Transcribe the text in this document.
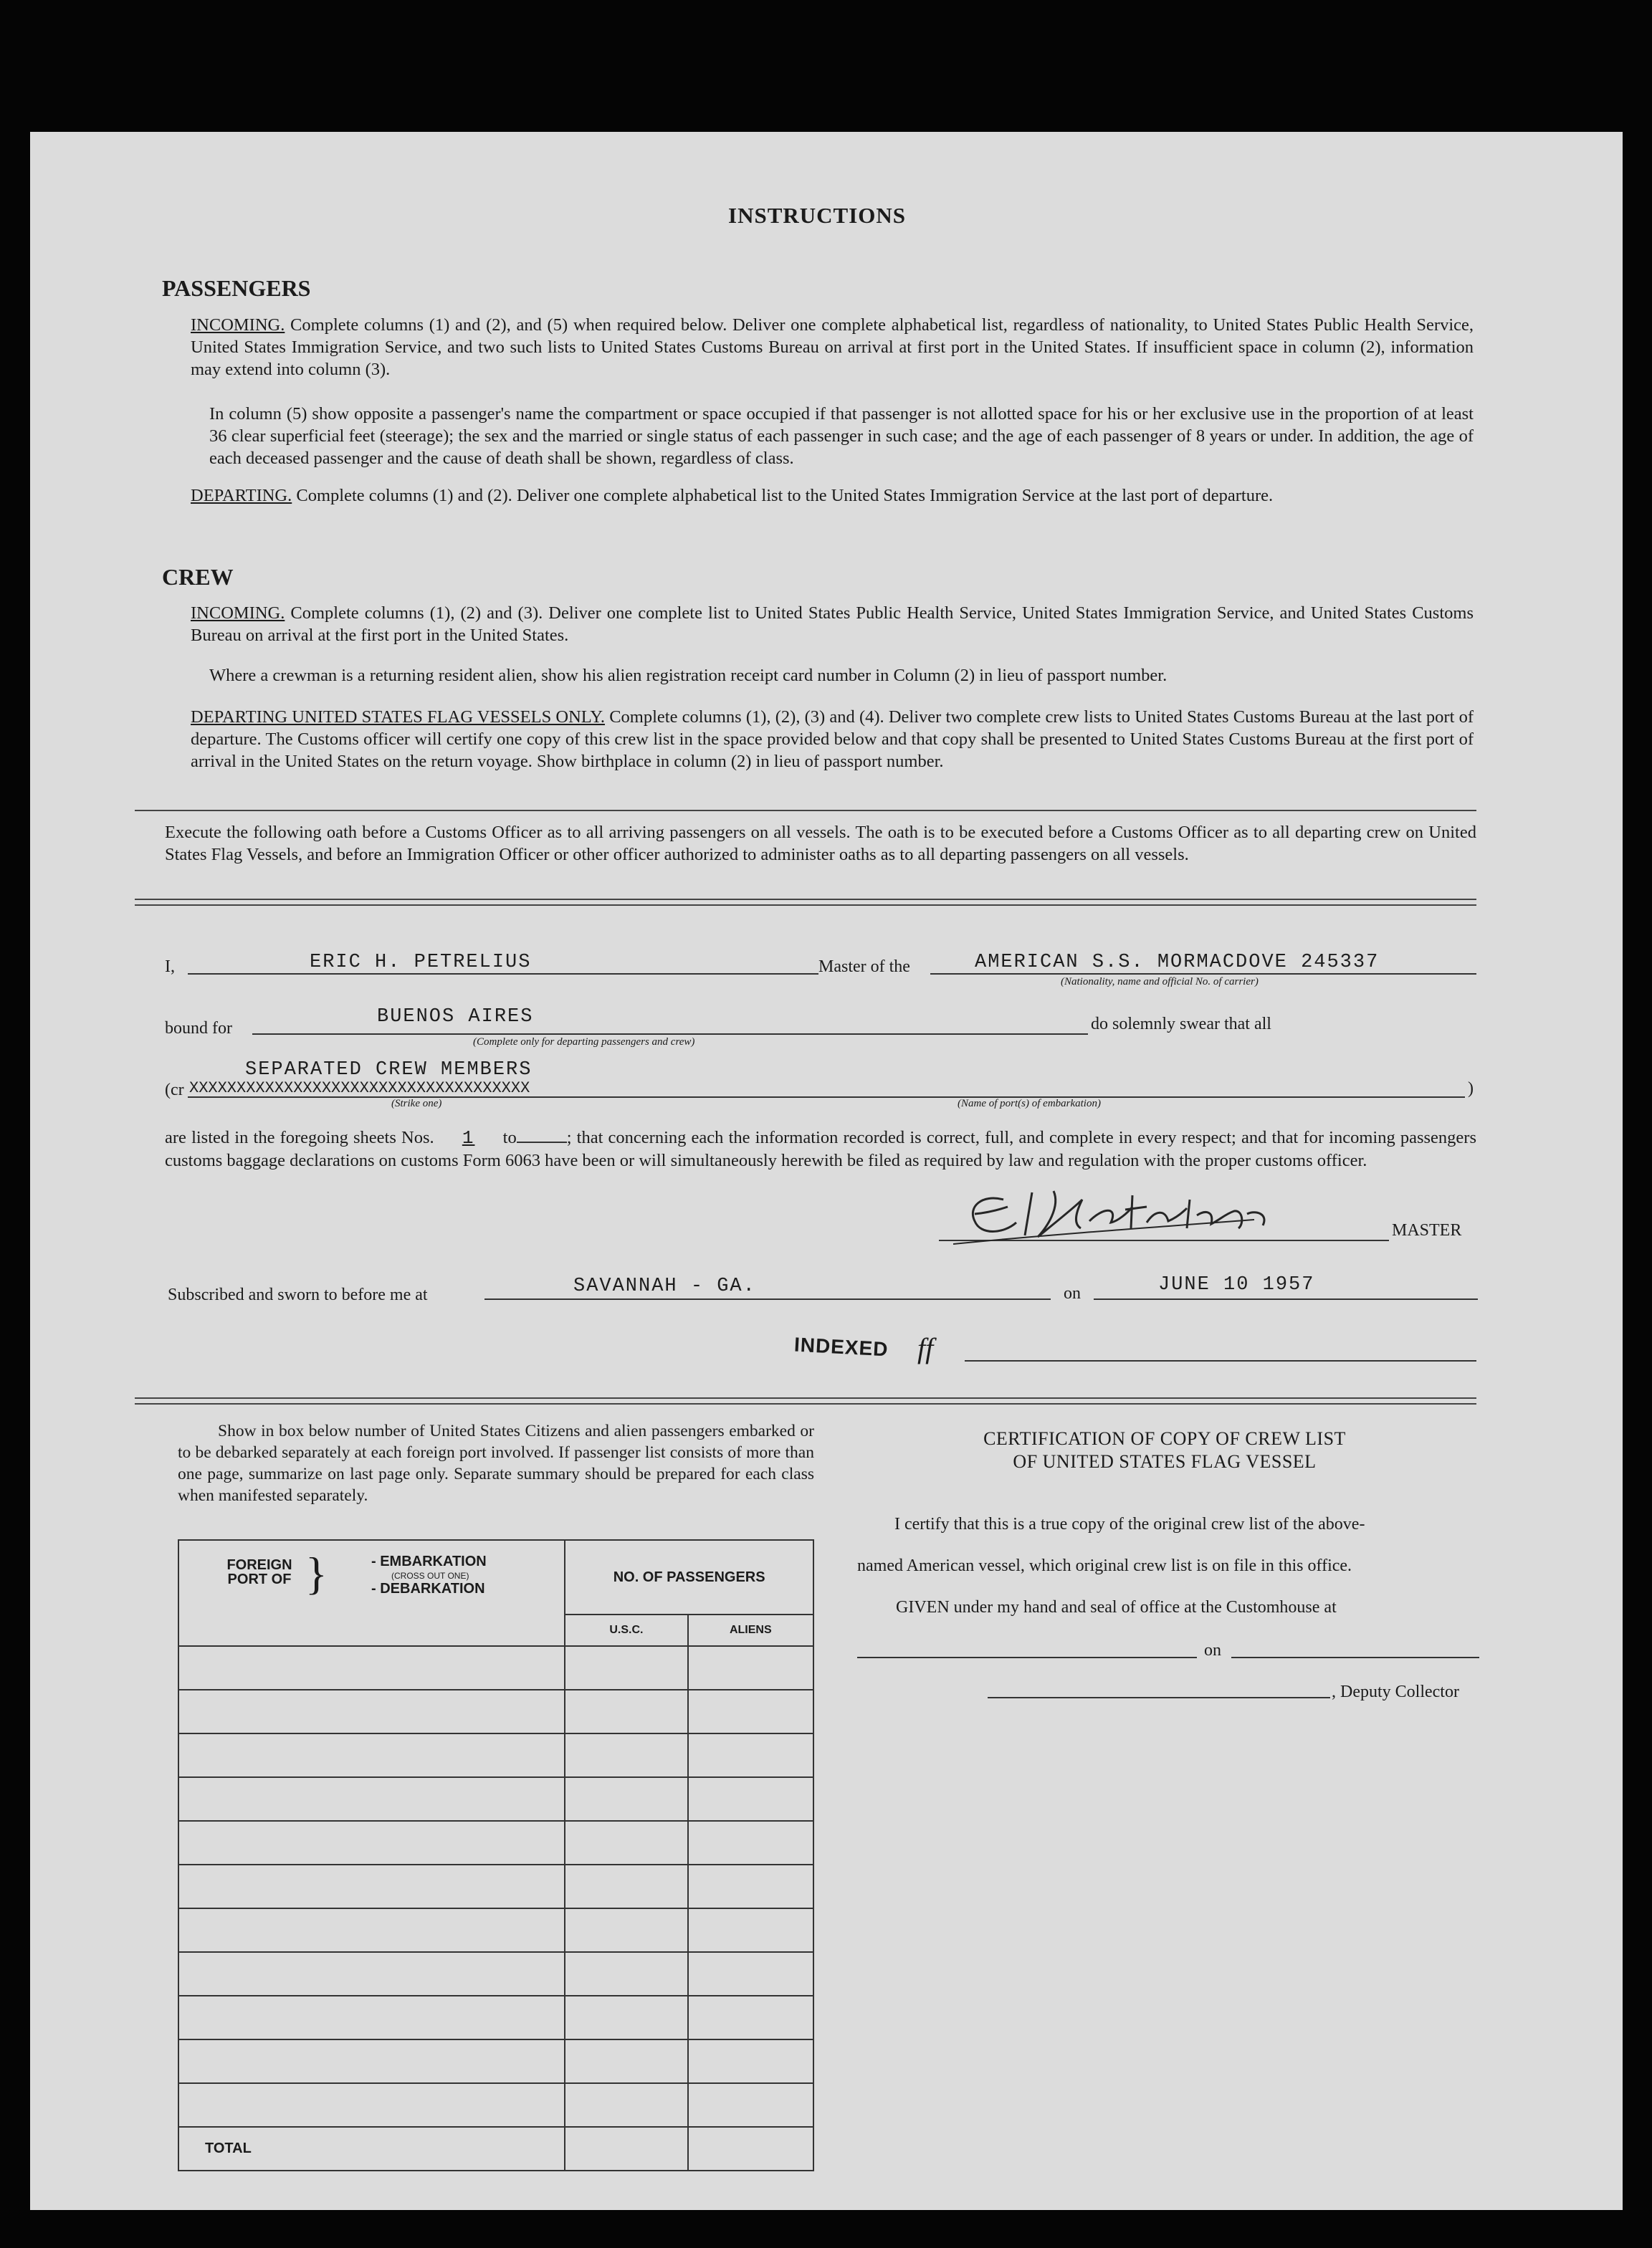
INSTRUCTIONS
PASSENGERS
INCOMING. Complete columns (1) and (2), and (5) when required below. Deliver one complete alphabetical list, regardless of nationality, to United States Public Health Service, United States Immigration Service, and two such lists to United States Customs Bureau on arrival at first port in the United States. If insufficient space in column (2), information may extend into column (3).
In column (5) show opposite a passenger's name the compartment or space occupied if that passenger is not allotted space for his or her exclusive use in the proportion of at least 36 clear superficial feet (steerage); the sex and the married or single status of each passenger in such case; and the age of each passenger of 8 years or under. In addition, the age of each deceased passenger and the cause of death shall be shown, regardless of class.
DEPARTING. Complete columns (1) and (2). Deliver one complete alphabetical list to the United States Immigration Service at the last port of departure.
CREW
INCOMING. Complete columns (1), (2) and (3). Deliver one complete list to United States Public Health Service, United States Immigration Service, and United States Customs Bureau on arrival at the first port in the United States.
Where a crewman is a returning resident alien, show his alien registration receipt card number in Column (2) in lieu of passport number.
DEPARTING UNITED STATES FLAG VESSELS ONLY. Complete columns (1), (2), (3) and (4). Deliver two complete crew lists to United States Customs Bureau at the last port of departure. The Customs officer will certify one copy of this crew list in the space provided below and that copy shall be presented to United States Customs Bureau at the first port of arrival in the United States on the return voyage. Show birthplace in column (2) in lieu of passport number.
Execute the following oath before a Customs Officer as to all arriving passengers on all vessels. The oath is to be executed before a Customs Officer as to all departing crew on United States Flag Vessels, and before an Immigration Officer or other officer authorized to administer oaths as to all departing passengers on all vessels.
I,	ERIC H. PETRELIUS	Master of the	AMERICAN S.S. MORMACDOVE 245337
(Nationality, name and official No. of carrier)
bound for
BUENOS AIRES
(Complete only for departing passengers and crew)
do solemnly swear that all
SEPARATED CREW MEMBERS
(cr XXXXXXXXXXXXXXXXXXXXXXXXXXXXXXXXXXXX	)
(Strike one)	(Name of port(s) of embarkation)
are listed in the foregoing sheets Nos. 1 to	; that concerning each the information recorded is correct, full, and complete in every respect; and that for incoming passengers customs baggage declarations on customs Form 6063 have been or will simultaneously herewith be filed as required by law and regulation with the proper customs officer.
MASTER
Subscribed and sworn to before me at	SAVANNAH - GA.	on	JUNE 10 1957
INDEXED ff
Show in box below number of United States Citizens and alien passengers embarked or to be debarked separately at each foreign port involved. If passenger list consists of more than one page, summarize on last page only. Separate summary should be prepared for each class when manifested separately.
FOREIGN PORT OF } - EMBARKATION
(CROSS OUT ONE)
- DEBARKATION	NO. OF PASSENGERS	
	U.S.C.	ALIENS

TOTAL		
CERTIFICATION OF COPY OF CREW LIST
OF UNITED STATES FLAG VESSEL
I certify that this is a true copy of the original crew list of the above-
named American vessel, which original crew list is on file in this office.
GIVEN under my hand and seal of office at the Customhouse at
on
, Deputy Collector
